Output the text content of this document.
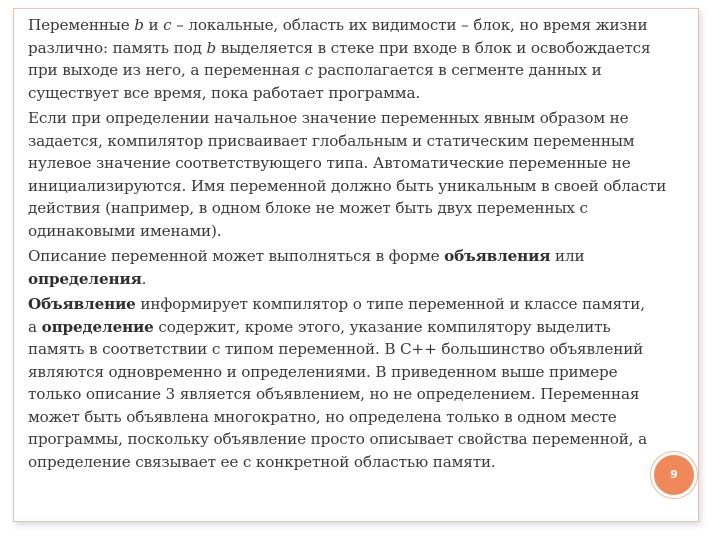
Переменные b и c – локальные, область их видимости – блок, но время жизни различно: память под b выделяется в стеке при входе в блок и освобождается при выходе из него, а переменная c располагается в сегменте данных и существует все время, пока работает программа.

Если при определении начальное значение переменных явным образом не задается, компилятор присваивает глобальным и статическим переменным нулевое значение соответствующего типа. Автоматические переменные не инициализируются. Имя переменной должно быть уникальным в своей области действия (например, в одном блоке не может быть двух переменных с одинаковыми именами).

Описание переменной может выполняться в форме объявления или определения.

Объявление информирует компилятор о типе переменной и классе памяти, а определение содержит, кроме этого, указание компилятору выделить память в соответствии с типом переменной. В С++ большинство объявлений являются одновременно и определениями. В приведенном выше примере только описание 3 является объявлением, но не определением. Переменная может быть объявлена многократно, но определена только в одном месте программы, поскольку объявление просто описывает свойства переменной, а определение связывает ее с конкретной областью памяти.

9
